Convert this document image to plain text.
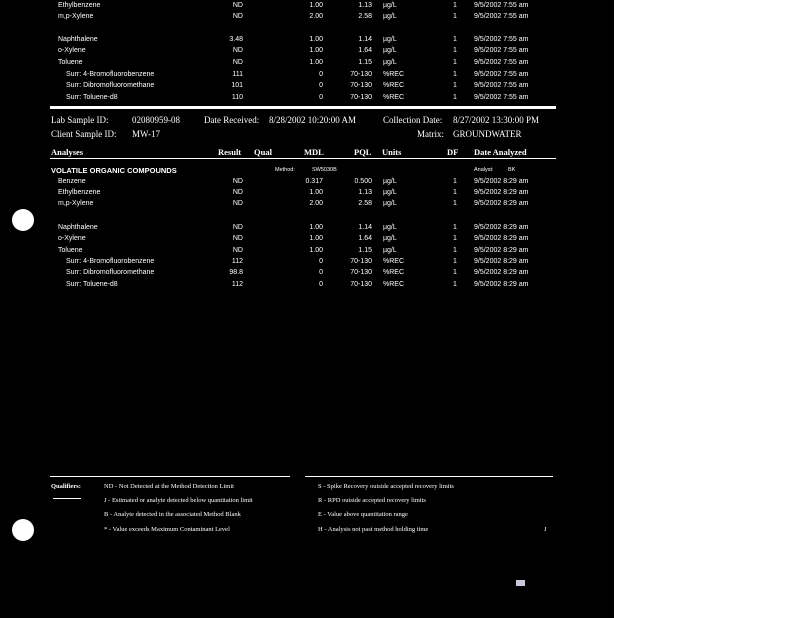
Ethylbenzene	ND	1.00	1.13 µg/L	1	9/5/2002 7:55 am
m,p-Xylene	ND	2.00	2.58 µg/L	1	9/5/2002 7:55 am
Naphthalene	3.48	1.00	1.14 µg/L	1	9/5/2002 7:55 am
o-Xylene	ND	1.00	1.64 µg/L	1	9/5/2002 7:55 am
Toluene	ND	1.00	1.15 µg/L	1	9/5/2002 7:55 am
Surr: 4-Bromofluorobenzene	111	0	70-130 %REC	1	9/5/2002 7:55 am
Surr: Dibromofluoromethane	101	0	70-130 %REC	1	9/5/2002 7:55 am
Surr: Toluene-d8	110	0	70-130 %REC	1	9/5/2002 7:55 am
Lab Sample ID:	02080959-08	Date Received: 8/28/2002 10:20:00 AM	Collection Date: 8/27/2002 13:30:00 PM
Client Sample ID: MW-17	Matrix: GROUNDWATER
Analyses	Result Qual	MDL	PQL Units	DF Date Analyzed
VOLATILE ORGANIC COMPOUNDS	Method:	SW5030B	Analyst:	BK
Benzene	ND	0.317	0.500 µg/L	1	9/5/2002 8:29 am
Ethylbenzene	ND	1.00	1.13 µg/L	1	9/5/2002 8:29 am
m,p-Xylene	ND	2.00	2.58 µg/L	1	9/5/2002 8:29 am
Naphthalene	ND	1.00	1.14 µg/L	1	9/5/2002 8:29 am
o-Xylene	ND	1.00	1.64 µg/L	1	9/5/2002 8:29 am
Toluene	ND	1.00	1.15 µg/L	1	9/5/2002 8:29 am
Surr: 4-Bromofluorobenzene	112	0	70-130 %REC	1	9/5/2002 8:29 am
Surr: Dibromofluoromethane	98.8	0	70-130 %REC	1	9/5/2002 8:29 am
Surr: Toluene-d8	112	0	70-130 %REC	1	9/5/2002 8:29 am
Qualifiers:	ND - Not Detected at the Method Detection Limit
J - Estimated or analyte detected below quantitation limit
B - Analyte detected in the associated Method Blank
* - Value exceeds Maximum Contaminant Level
S - Spike Recovery outside accepted recovery limits
R - RPD outside accepted recovery limits
E - Value above quantitation range
H - Analysis not past method holding time	J
